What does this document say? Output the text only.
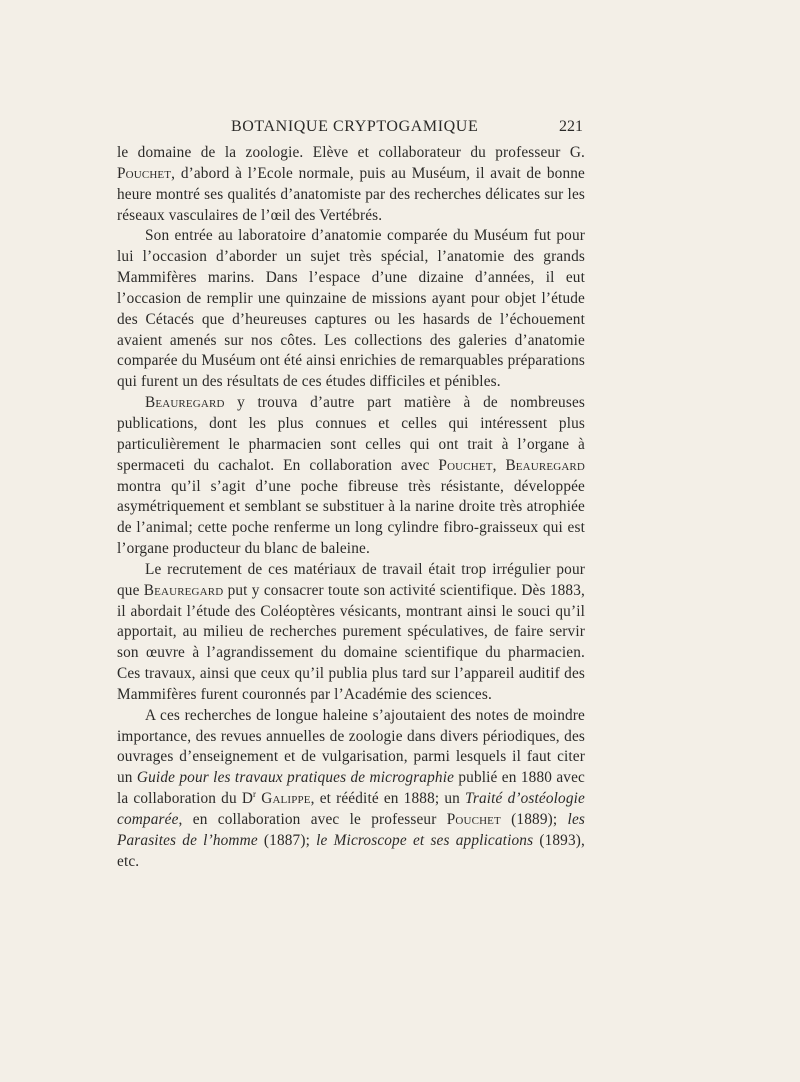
BOTANIQUE CRYPTOGAMIQUE	221

le domaine de la zoologie. Elève et collaborateur du professeur G. Pouchet, d’abord à l’Ecole normale, puis au Muséum, il avait de bonne heure montré ses qualités d’anatomiste par des recherches délicates sur les réseaux vasculaires de l’œil des Vertébrés.

Son entrée au laboratoire d’anatomie comparée du Muséum fut pour lui l’occasion d’aborder un sujet très spécial, l’anatomie des grands Mammifères marins. Dans l’espace d’une dizaine d’années, il eut l’occasion de remplir une quinzaine de missions ayant pour objet l’étude des Cétacés que d’heureuses captures ou les hasards de l’échouement avaient amenés sur nos côtes. Les collections des galeries d’anatomie comparée du Muséum ont été ainsi enrichies de remarquables préparations qui furent un des résultats de ces études difficiles et pénibles.

Beauregard y trouva d’autre part matière à de nombreuses publications, dont les plus connues et celles qui intéressent plus particulièrement le pharmacien sont celles qui ont trait à l’organe à spermaceti du cachalot. En collaboration avec Pouchet, Beauregard montra qu’il s’agit d’une poche fibreuse très résistante, développée asymétriquement et semblant se substituer à la narine droite très atrophiée de l’animal; cette poche renferme un long cylindre fibro-graisseux qui est l’organe producteur du blanc de baleine.

Le recrutement de ces matériaux de travail était trop irrégulier pour que Beauregard put y consacrer toute son activité scientifique. Dès 1883, il abordait l’étude des Coléoptères vésicants, montrant ainsi le souci qu’il apportait, au milieu de recherches purement spéculatives, de faire servir son œuvre à l’agrandissement du domaine scientifique du pharmacien. Ces travaux, ainsi que ceux qu’il publia plus tard sur l’appareil auditif des Mammifères furent couronnés par l’Académie des sciences.

A ces recherches de longue haleine s’ajoutaient des notes de moindre importance, des revues annuelles de zoologie dans divers périodiques, des ouvrages d’enseignement et de vulgarisation, parmi lesquels il faut citer un Guide pour les travaux pratiques de micrographie publié en 1880 avec la collaboration du $D^r$ Galippe, et réédité en 1888; un Traité d’ostéologie comparée, en collaboration avec le professeur Pouchet (1889); les Parasites de l’homme (1887); le Microscope et ses applications (1893), etc.
